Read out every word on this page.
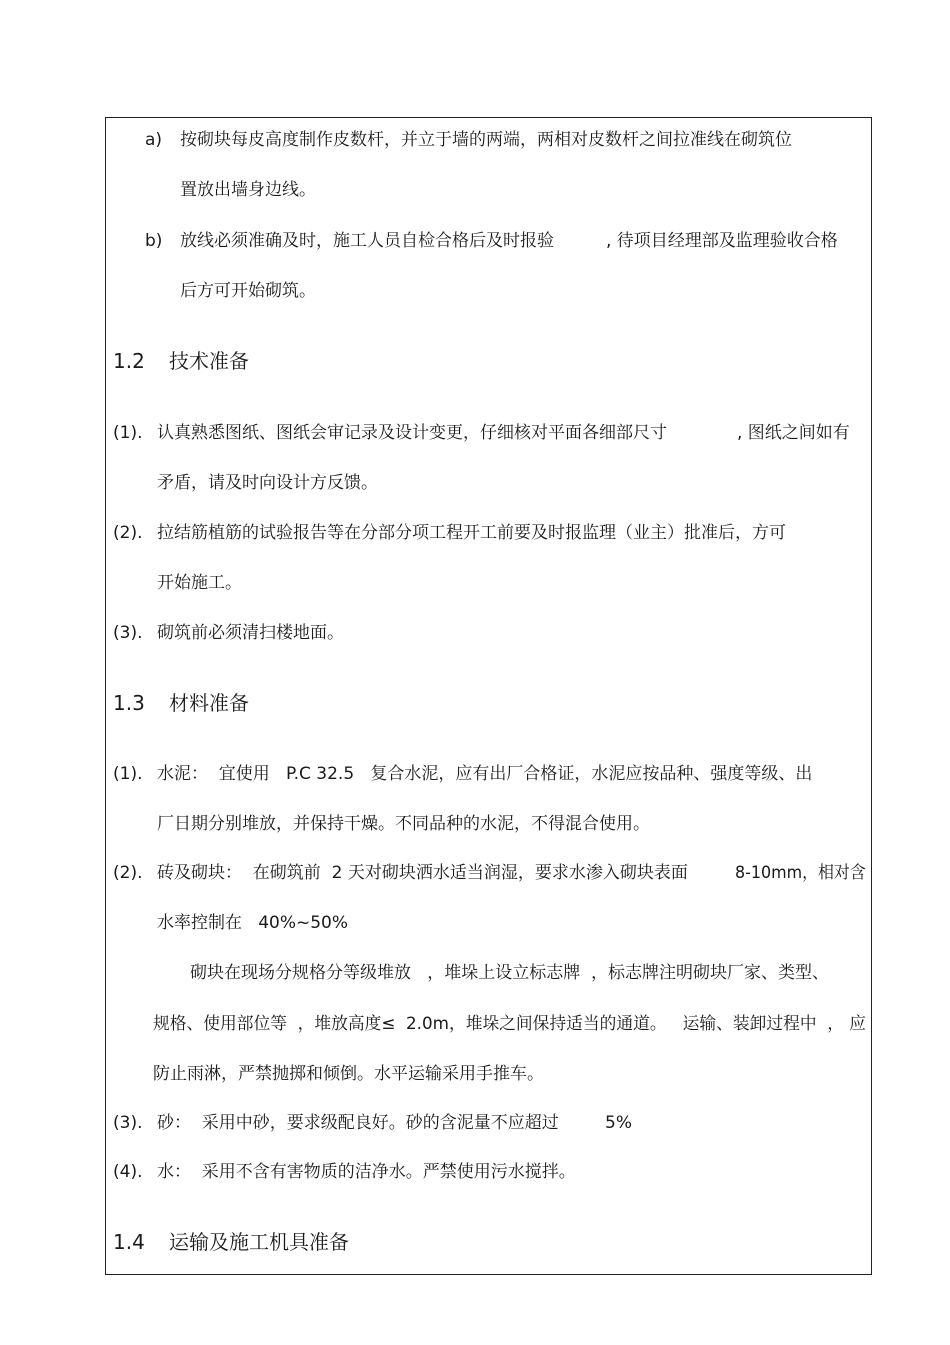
a) 按砌块每皮高度制作皮数杆，并立于墙的两端，两相对皮数杆之间拉准线在砌筑位
置放出墙身边线。
b) 放线必须准确及时，施工人员自检合格后及时报验	, 待项目经理部及监理验收合格
后方可开始砌筑。
1.2 技术准备
(1). 认真熟悉图纸、图纸会审记录及设计变更，仔细核对平面各细部尺寸	, 图纸之间如有
矛盾，请及时向设计方反馈。
(2). 拉结筋植筋的试验报告等在分部分项工程开工前要及时报监理（业主）批准后，方可
开始施工。
(3). 砌筑前必须清扫楼地面。
1.3 材料准备
(1). 水泥：  宜使用   P.C 32.5   复合水泥，应有出厂合格证，水泥应按品种、强度等级、出
厂日期分别堆放，并保持干燥。不同品种的水泥，不得混合使用。
(2). 砖及砌块：  在砌筑前  2 天对砌块洒水适当润湿，要求水渗入砌块表面	8-10mm，相对含
水率控制在   40%~50%
砌块在现场分规格分等级堆放   ，堆垛上设立标志牌  ，标志牌注明砌块厂家、类型、
规格、使用部位等  ，堆放高度≤  2.0m，堆垛之间保持适当的通道。   运输、装卸过程中  ， 应
防止雨淋，严禁抛掷和倾倒。水平运输采用手推车。
(3). 砂：  采用中砂，要求级配良好。砂的含泥量不应超过	5%
(4). 水：  采用不含有害物质的洁净水。严禁使用污水搅拌。
1.4 运输及施工机具准备
